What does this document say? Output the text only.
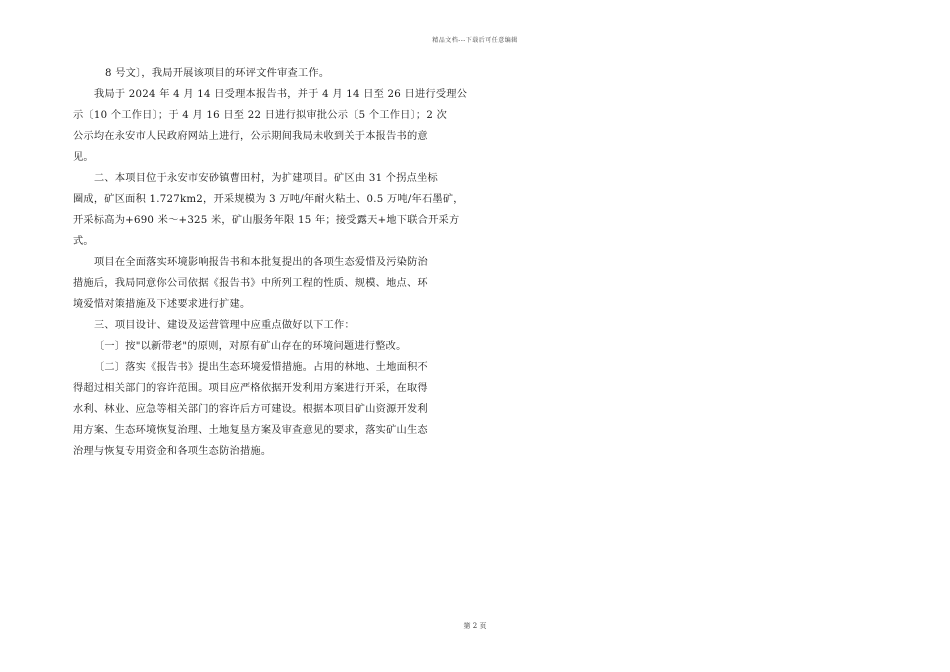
精品文档---下载后可任意编辑
8 号文〕，我局开展该项目的环评文件审查工作。
我局于 2024 年 4 月 14 日受理本报告书，并于 4 月 14 日至 26 日进行受理公
示〔10 个工作日〕；于 4 月 16 日至 22 日进行拟审批公示〔5 个工作日〕；2 次
公示均在永安市人民政府网站上进行，公示期间我局未收到关于本报告书的意
见。
二、本项目位于永安市安砂镇曹田村，为扩建项目。矿区由 31 个拐点坐标
圈成，矿区面积 1.727km2，开采规模为 3 万吨/年耐火粘土、0.5 万吨/年石墨矿，
开采标高为+690 米～+325 米，矿山服务年限 15 年；接受露天+地下联合开采方
式。
项目在全面落实环境影响报告书和本批复提出的各项生态爱惜及污染防治
措施后，我局同意你公司依据《报告书》中所列工程的性质、规模、地点、环
境爱惜对策措施及下述要求进行扩建。
三、项目设计、建设及运营管理中应重点做好以下工作：
〔一〕按"以新带老"的原则，对原有矿山存在的环境问题进行整改。
〔二〕落实《报告书》提出生态环境爱惜措施。占用的林地、土地面积不
得超过相关部门的容许范围。项目应严格依据开发利用方案进行开采，在取得
水利、林业、应急等相关部门的容许后方可建设。根据本项目矿山资源开发利
用方案、生态环境恢复治理、土地复垦方案及审查意见的要求，落实矿山生态
治理与恢复专用资金和各项生态防治措施。
第 2 页
